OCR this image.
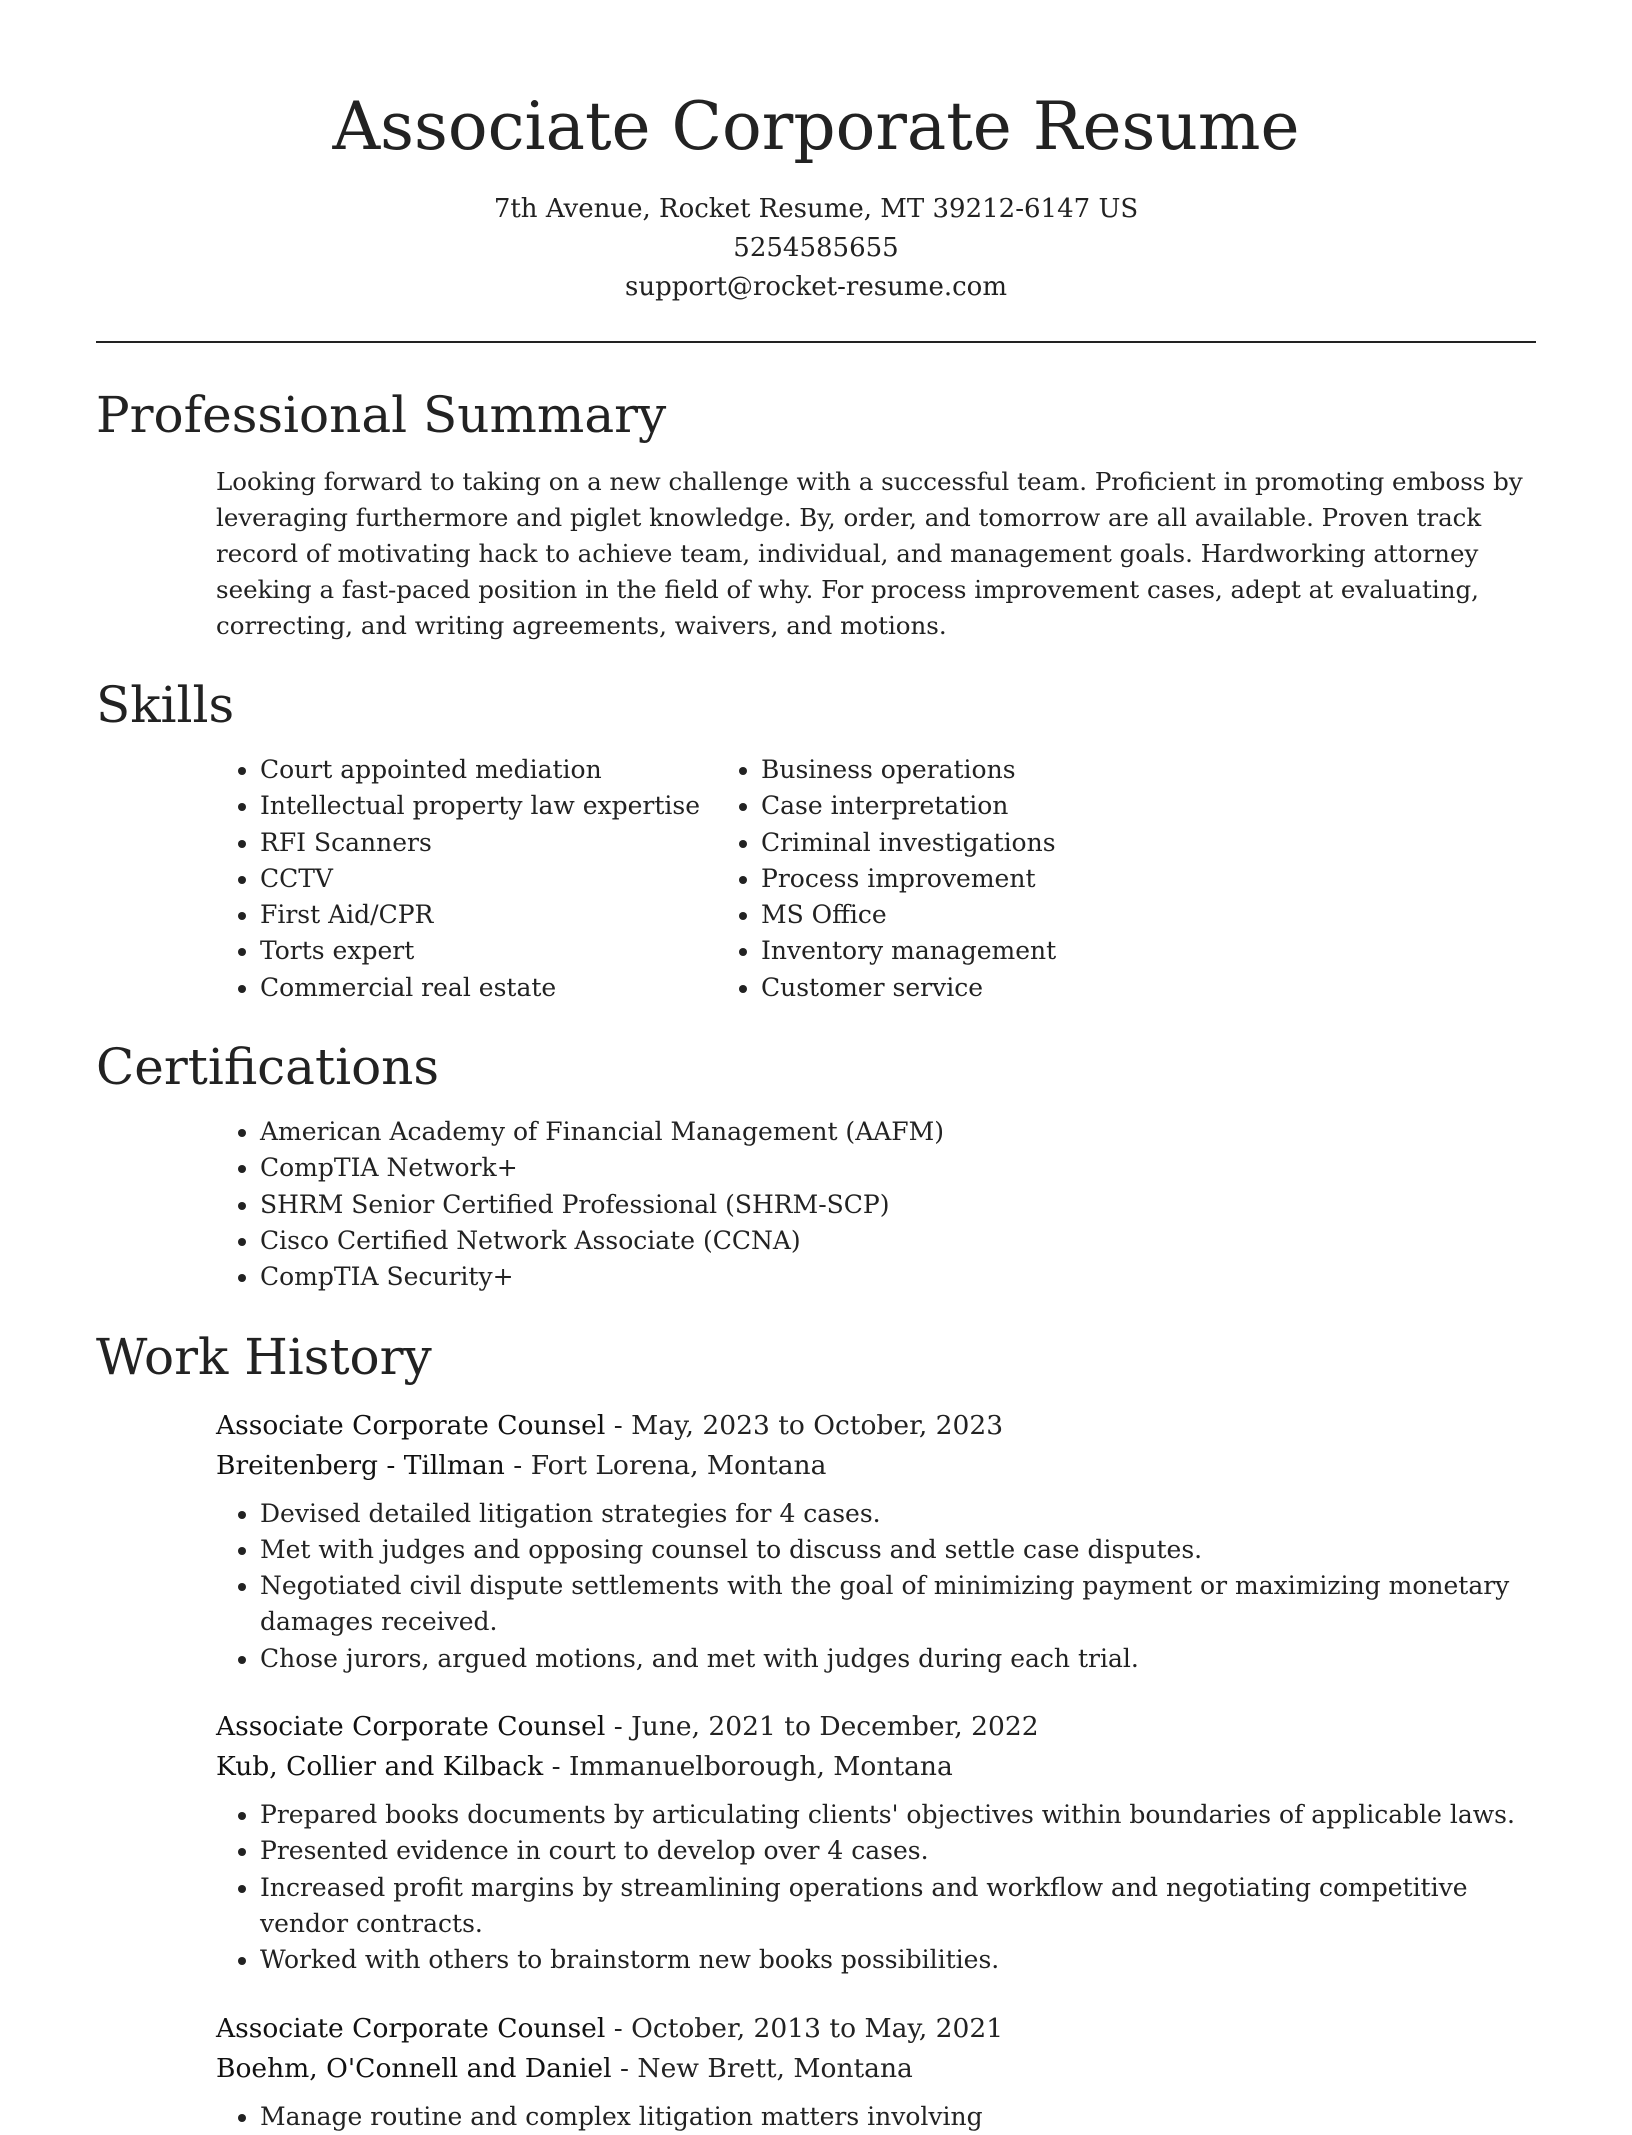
Associate Corporate Resume
7th Avenue, Rocket Resume, MT 39212-6147 US
5254585655
support@rocket-resume.com
Professional Summary

Looking forward to taking on a new challenge with a successful team. Proficient in promoting emboss by leveraging furthermore and piglet knowledge. By, order, and tomorrow are all available. Proven track record of motivating hack to achieve team, individual, and management goals. Hardworking attorney seeking a fast-paced position in the field of why. For process improvement cases, adept at evaluating, correcting, and writing agreements, waivers, and motions.

Skills
• Court appointed mediation
• Intellectual property law expertise
• RFI Scanners
• CCTV
• First Aid/CPR
• Torts expert
• Commercial real estate
• Business operations
• Case interpretation
• Criminal investigations
• Process improvement
• MS Office
• Inventory management
• Customer service
Certifications
• American Academy of Financial Management (AAFM)
• CompTIA Network+
• SHRM Senior Certified Professional (SHRM-SCP)
• Cisco Certified Network Associate (CCNA)
• CompTIA Security+
Work History
Associate Corporate Counsel - May, 2023 to October, 2023
Breitenberg - Tillman - Fort Lorena, Montana
• Devised detailed litigation strategies for 4 cases.
• Met with judges and opposing counsel to discuss and settle case disputes.
• Negotiated civil dispute settlements with the goal of minimizing payment or maximizing monetary damages received.
• Chose jurors, argued motions, and met with judges during each trial.
Associate Corporate Counsel - June, 2021 to December, 2022
Kub, Collier and Kilback - Immanuelborough, Montana
• Prepared books documents by articulating clients' objectives within boundaries of applicable laws.
• Presented evidence in court to develop over 4 cases.
• Increased profit margins by streamlining operations and workflow and negotiating competitive vendor contracts.
• Worked with others to brainstorm new books possibilities.
Associate Corporate Counsel - October, 2013 to May, 2021
Boehm, O'Connell and Daniel - New Brett, Montana
• Manage routine and complex litigation matters involving
